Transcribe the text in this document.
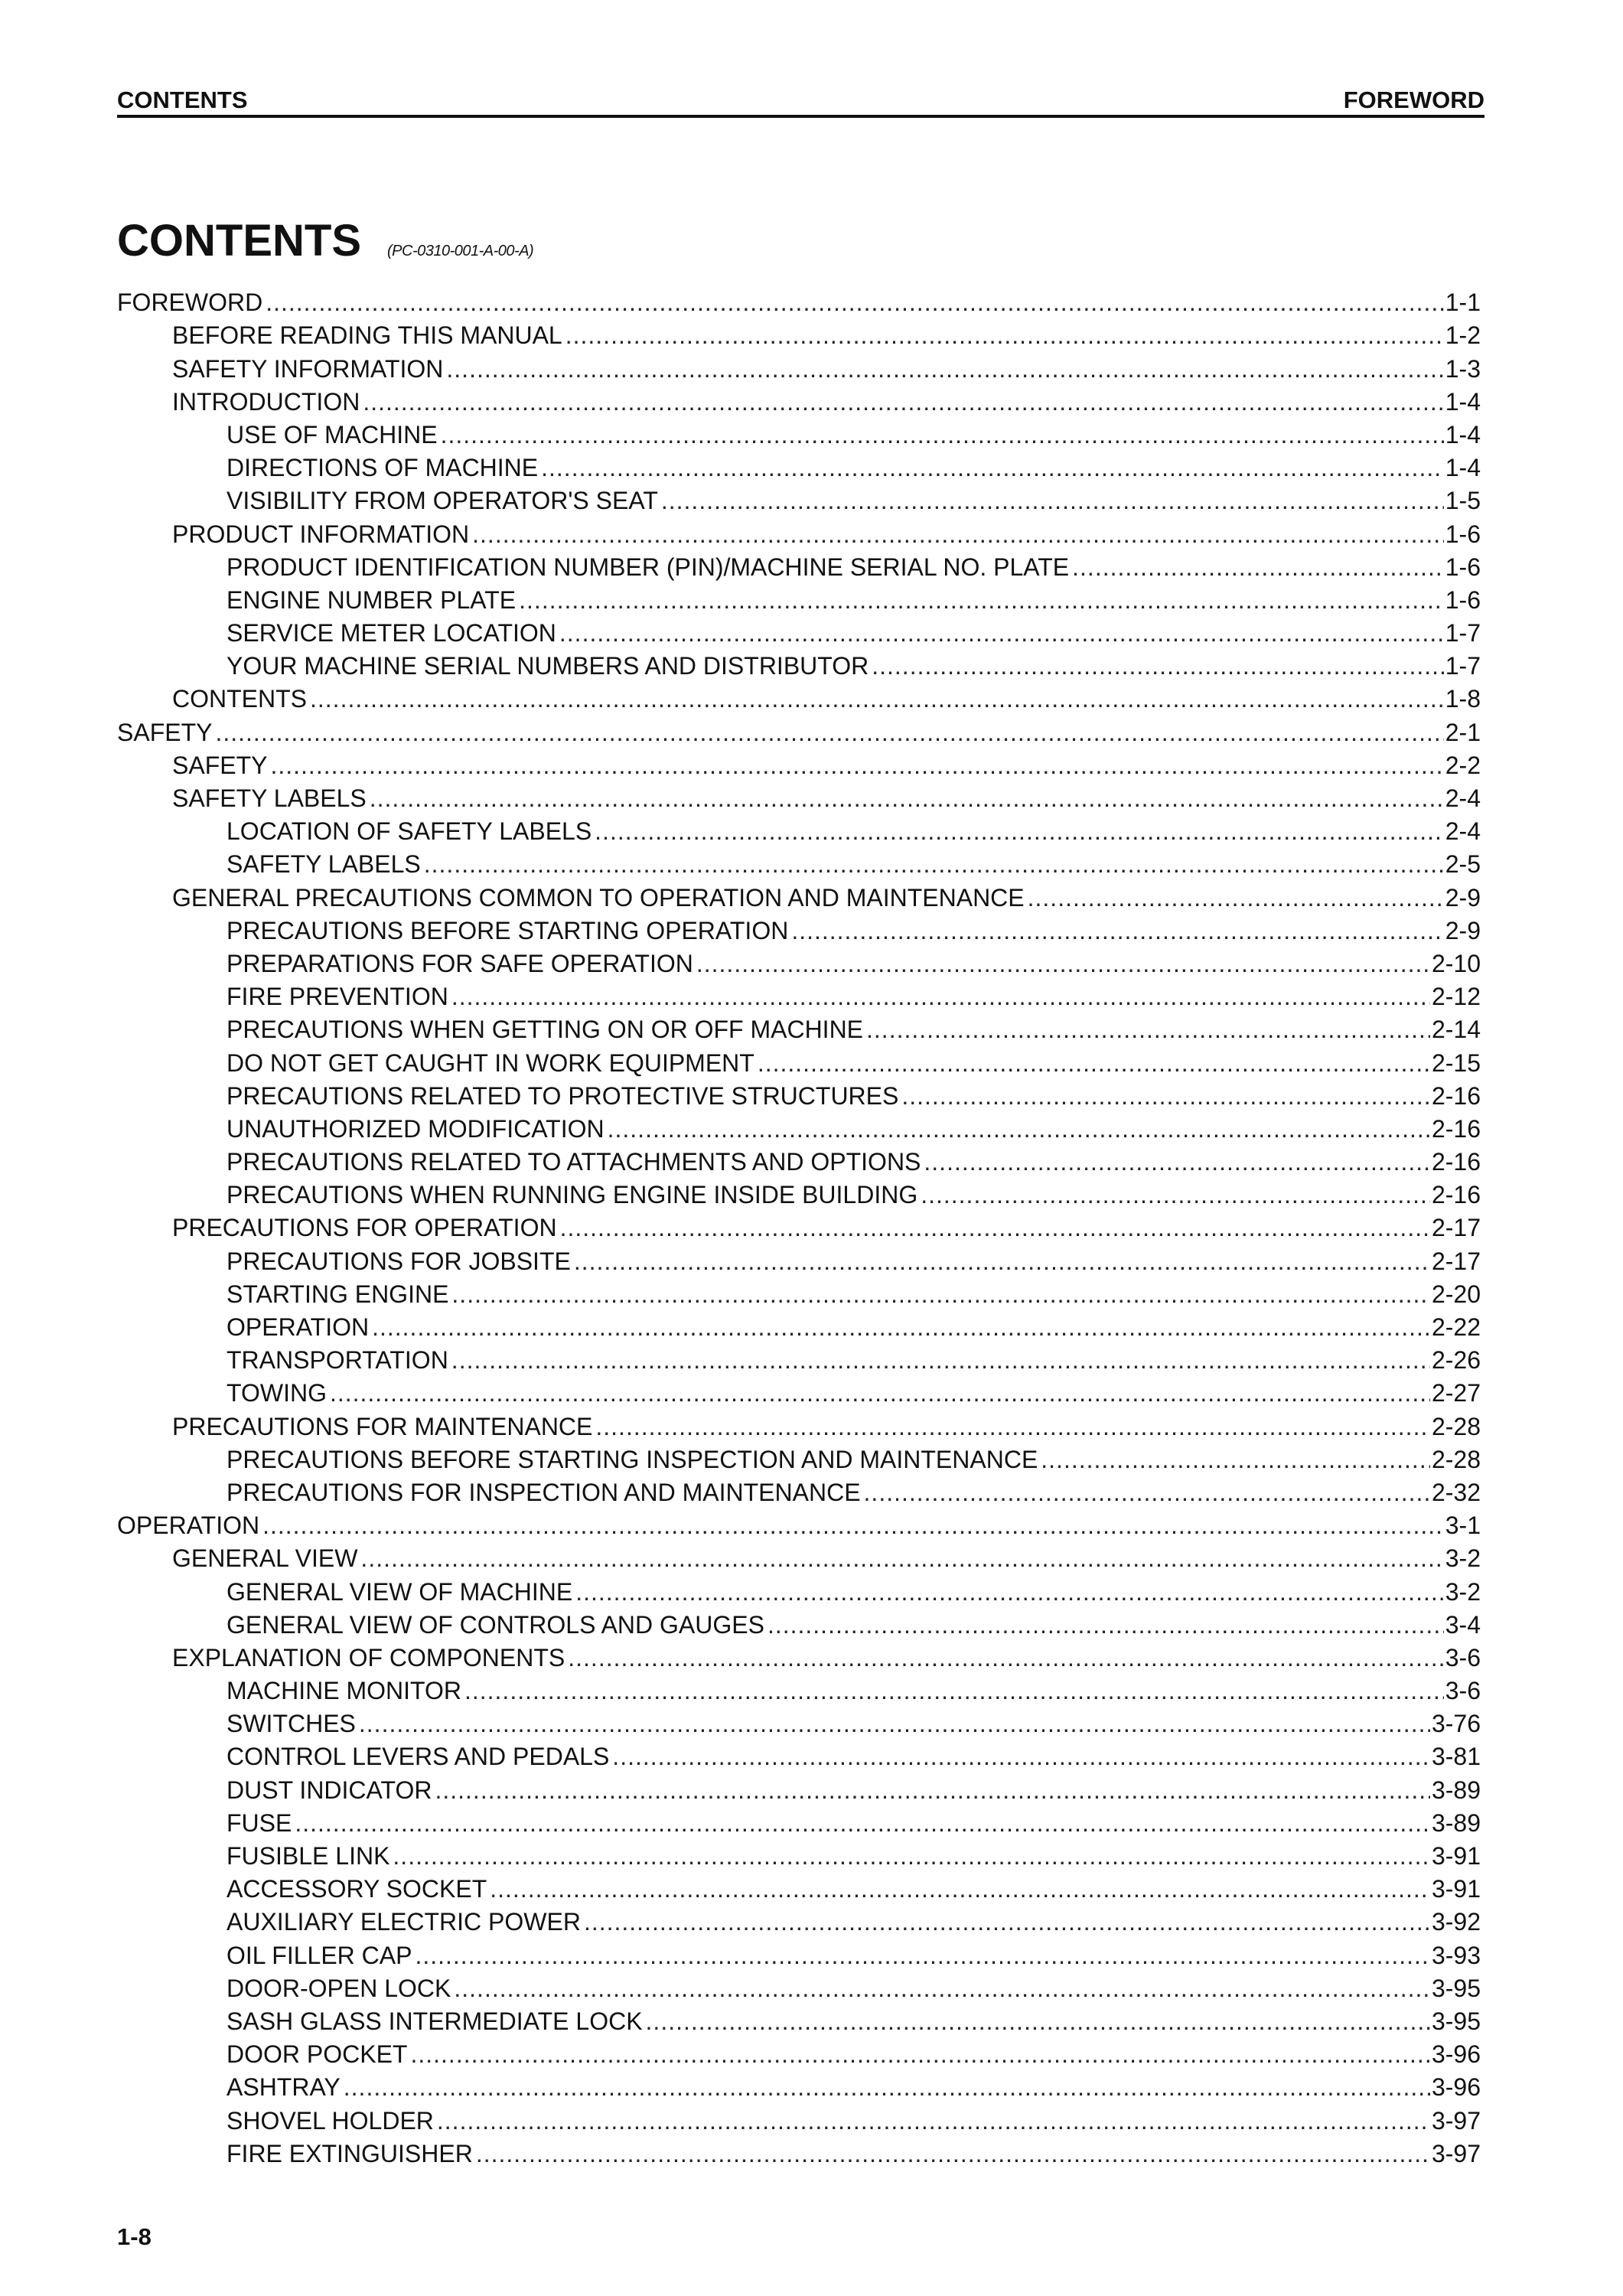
CONTENTS	FOREWORD
CONTENTS (PC-0310-001-A-00-A)
FOREWORD .....	1-1
BEFORE READING THIS MANUAL .....	1-2
SAFETY INFORMATION .....	1-3
INTRODUCTION .....	1-4
USE OF MACHINE .....	1-4
DIRECTIONS OF MACHINE .....	1-4
VISIBILITY FROM OPERATOR'S SEAT .....	1-5
PRODUCT INFORMATION .....	1-6
PRODUCT IDENTIFICATION NUMBER (PIN)/MACHINE SERIAL NO. PLATE .....	1-6
ENGINE NUMBER PLATE .....	1-6
SERVICE METER LOCATION .....	1-7
YOUR MACHINE SERIAL NUMBERS AND DISTRIBUTOR .....	1-7
CONTENTS .....	1-8
SAFETY .....	2-1
SAFETY .....	2-2
SAFETY LABELS .....	2-4
LOCATION OF SAFETY LABELS .....	2-4
SAFETY LABELS .....	2-5
GENERAL PRECAUTIONS COMMON TO OPERATION AND MAINTENANCE .....	2-9
PRECAUTIONS BEFORE STARTING OPERATION .....	2-9
PREPARATIONS FOR SAFE OPERATION .....	2-10
FIRE PREVENTION .....	2-12
PRECAUTIONS WHEN GETTING ON OR OFF MACHINE .....	2-14
DO NOT GET CAUGHT IN WORK EQUIPMENT .....	2-15
PRECAUTIONS RELATED TO PROTECTIVE STRUCTURES .....	2-16
UNAUTHORIZED MODIFICATION .....	2-16
PRECAUTIONS RELATED TO ATTACHMENTS AND OPTIONS .....	2-16
PRECAUTIONS WHEN RUNNING ENGINE INSIDE BUILDING .....	2-16
PRECAUTIONS FOR OPERATION .....	2-17
PRECAUTIONS FOR JOBSITE .....	2-17
STARTING ENGINE .....	2-20
OPERATION .....	2-22
TRANSPORTATION .....	2-26
TOWING .....	2-27
PRECAUTIONS FOR MAINTENANCE .....	2-28
PRECAUTIONS BEFORE STARTING INSPECTION AND MAINTENANCE .....	2-28
PRECAUTIONS FOR INSPECTION AND MAINTENANCE .....	2-32
OPERATION .....	3-1
GENERAL VIEW .....	3-2
GENERAL VIEW OF MACHINE .....	3-2
GENERAL VIEW OF CONTROLS AND GAUGES .....	3-4
EXPLANATION OF COMPONENTS .....	3-6
MACHINE MONITOR .....	3-6
SWITCHES .....	3-76
CONTROL LEVERS AND PEDALS .....	3-81
DUST INDICATOR .....	3-89
FUSE .....	3-89
FUSIBLE LINK .....	3-91
ACCESSORY SOCKET .....	3-91
AUXILIARY ELECTRIC POWER .....	3-92
OIL FILLER CAP .....	3-93
DOOR-OPEN LOCK .....	3-95
SASH GLASS INTERMEDIATE LOCK .....	3-95
DOOR POCKET .....	3-96
ASHTRAY .....	3-96
SHOVEL HOLDER .....	3-97
FIRE EXTINGUISHER .....	3-97
1-8
